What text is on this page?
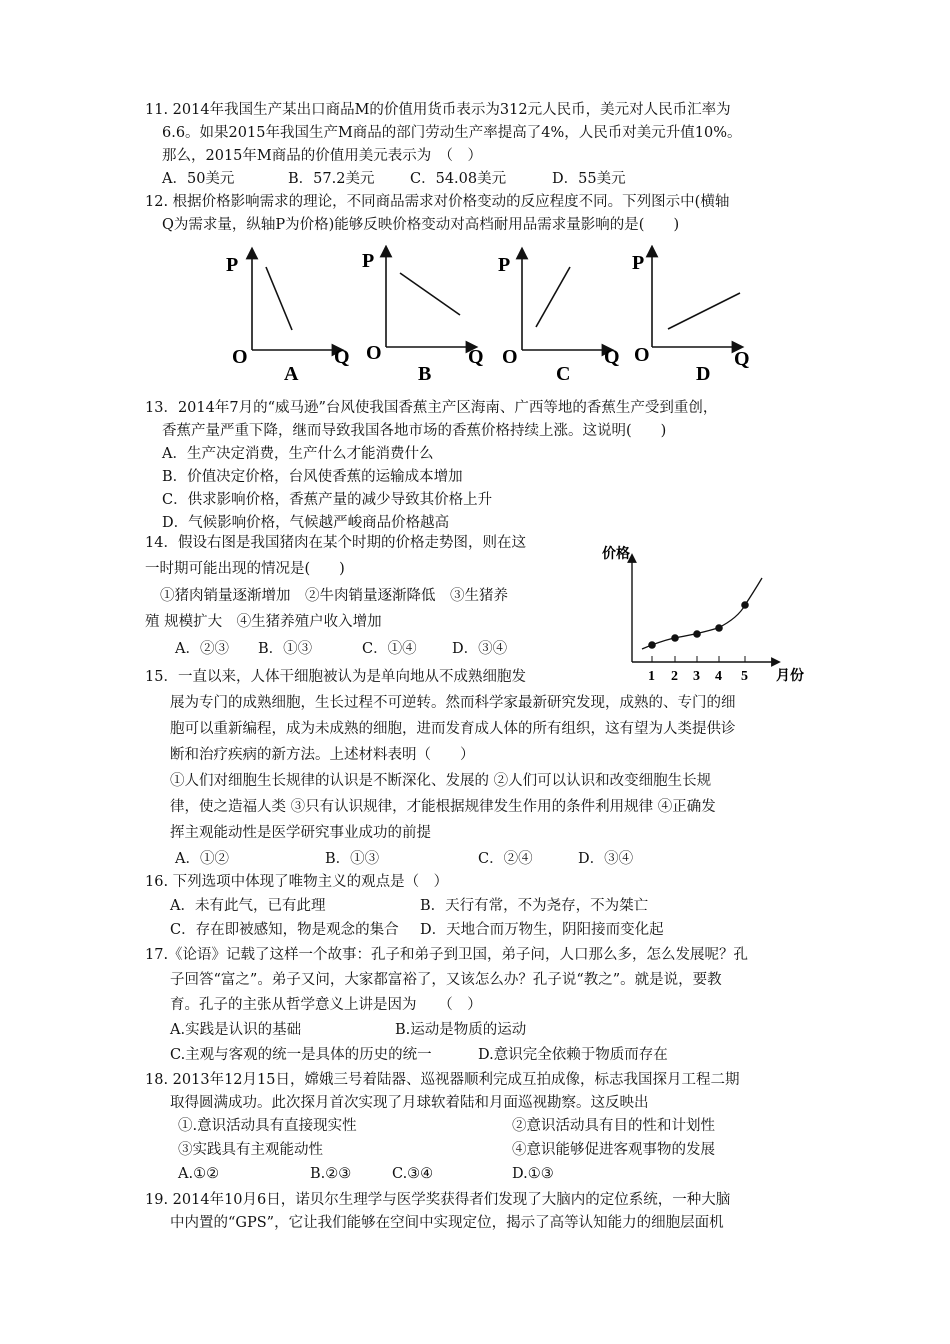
11. 2014年我国生产某出口商品M的价值用货币表示为312元人民币，美元对人民币汇率为
6.6。如果2015年我国生产M商品的部门劳动生产率提高了4%，人民币对美元升值10%。
那么，2015年M商品的价值用美元表示为　（　）
A．50美元	B．57.2美元 C．54.08美元	D．55美元
12. 根据价格影响需求的理论，不同商品需求对价格变动的反应程度不同。下列图示中(横轴
Q为需求量，纵轴P为价格)能够反映价格变动对高档耐用品需求量影响的是(　　)
P
O	Q
A
P
O	Q
B
P
O	Q
C
P
O	Q
D
13．2014年7月的“威马逊”台风使我国香蕉主产区海南、广西等地的香蕉生产受到重创，
香蕉产量严重下降，继而导致我国各地市场的香蕉价格持续上涨。这说明(　　)
A．生产决定消费，生产什么才能消费什么
B．价值决定价格，台风使香蕉的运输成本增加
C．供求影响价格，香蕉产量的减少导致其价格上升
D．气候影响价格，气候越严峻商品价格越高
14．假设右图是我国猪肉在某个时期的价格走势图，则在这
一时期可能出现的情况是(　　)
①猪肉销量逐渐增加　②牛肉销量逐渐降低　③生猪养
殖 规模扩大　④生猪养殖户收入增加
A．②③ B．①③	C．①④ D．③④
价格
月份
1 2 3 4 5
15．一直以来，人体干细胞被认为是单向地从不成熟细胞发
展为专门的成熟细胞，生长过程不可逆转。然而科学家最新研究发现，成熟的、专门的细
胞可以重新编程，成为未成熟的细胞，进而发育成人体的所有组织，这有望为人类提供诊
断和治疗疾病的新方法。上述材料表明（　　）
①人们对细胞生长规律的认识是不断深化、发展的 ②人们可以认识和改变细胞生长规
律，使之造福人类 ③只有认识规律，才能根据规律发生作用的条件利用规律 ④正确发
挥主观能动性是医学研究事业成功的前提
A．①②	B．①③	C．②④	D．③④
16. 下列选项中体现了唯物主义的观点是（　）
A．未有此气，已有此理	B．天行有常，不为尧存，不为桀亡
C．存在即被感知，物是观念的集合 D．天地合而万物生，阴阳接而变化起
17.《论语》记载了这样一个故事：孔子和弟子到卫国，弟子问，人口那么多，怎么发展呢？孔
子回答“富之”。弟子又问，大家都富裕了，又该怎么办？孔子说“教之”。就是说，要教
育。孔子的主张从哲学意义上讲是因为　　（　）
A.实践是认识的基础	B.运动是物质的运动
C.主观与客观的统一是具体的历史的统一	D.意识完全依赖于物质而存在
18. 2013年12月15日，嫦娥三号着陆器、巡视器顺利完成互拍成像，标志我国探月工程二期
取得圆满成功。此次探月首次实现了月球软着陆和月面巡视勘察。这反映出
①.意识活动具有直接现实性	②意识活动具有目的性和计划性
③实践具有主观能动性	④意识能够促进客观事物的发展
A.①②	B.②③	C.③④	D.①③
19. 2014年10月6日，诺贝尔生理学与医学奖获得者们发现了大脑内的定位系统，一种大脑
中内置的“GPS”，它让我们能够在空间中实现定位，揭示了高等认知能力的细胞层面机
